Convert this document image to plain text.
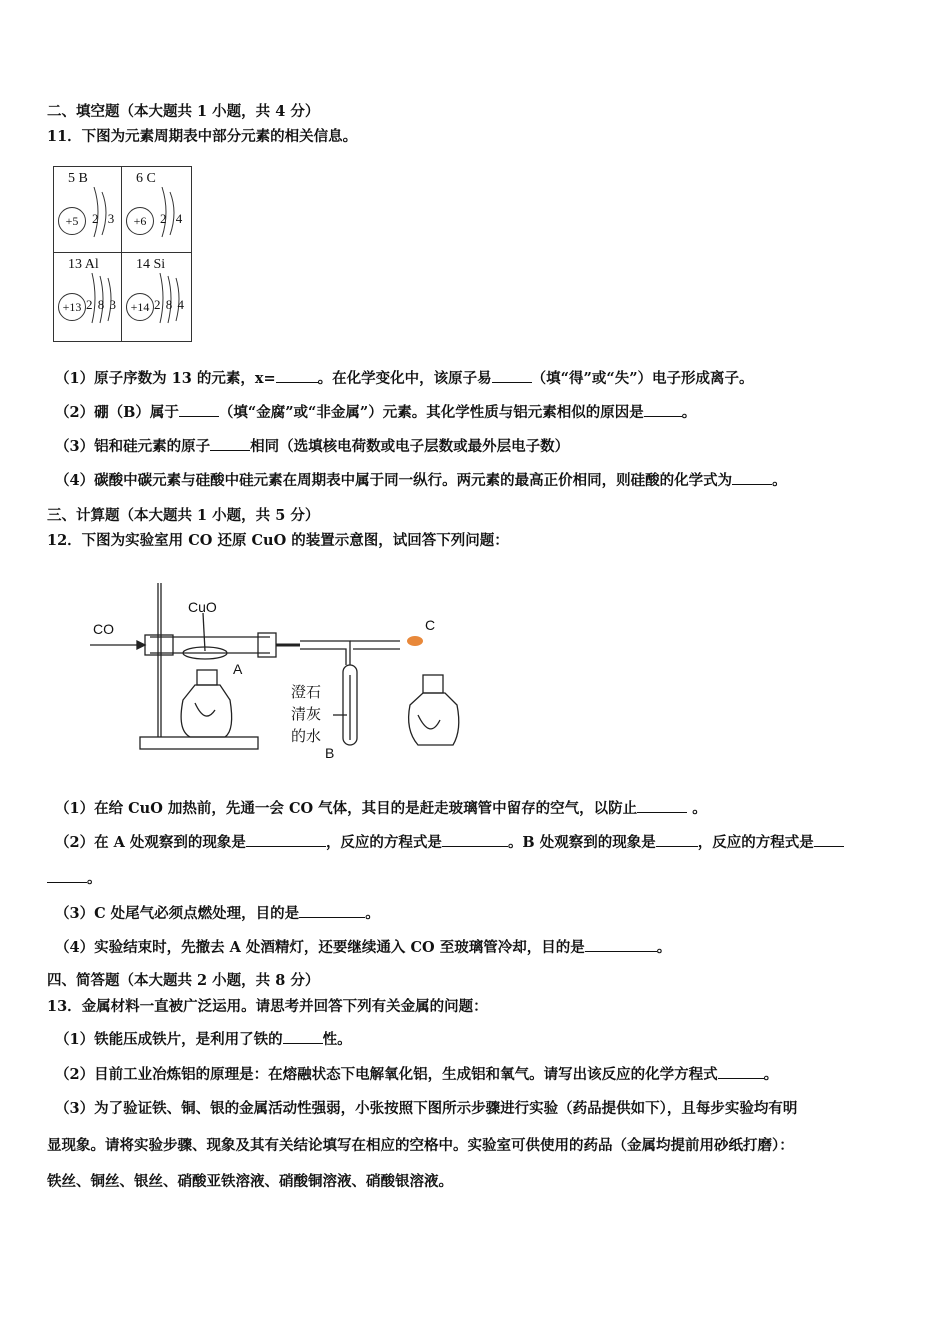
二、填空题（本大题共 1 小题，共 4 分）
11．下图为元素周期表中部分元素的相关信息。
5 B
+5	2 3
6 C
+6	2 4
13 Al
+13 2 8 3
14 Si
+14 2 8 4
（1）原子序数为 13 的元素，x=	。在化学变化中，该原子易	（填“得”或“失”）电子形成离子。
（2）硼（B）属于	（填“金腐”或“非金属”）元素。其化学性质与铝元素相似的原因是	。
（3）铝和硅元素的原子	相同（选填核电荷数或电子层数或最外层电子数）
（4）碳酸中碳元素与硅酸中硅元素在周期表中属于同一纵行。两元素的最高正价相同，则硅酸的化学式为	。
三、计算题（本大题共 1 小题，共 5 分）
12．下图为实验室用 CO 还原 CuO 的装置示意图，试回答下列问题：
CO
CuO
A
B
C
澄石
清灰
的水
（1）在给 CuO 加热前，先通一会 CO 气体，其目的是赶走玻璃管中留存的空气，以防止	。
（2）在 A 处观察到的现象是	，反应的方程式是	。B 处观察到的现象是	，反应的方程式是
。
（3）C 处尾气必须点燃处理，目的是	。
（4）实验结束时，先撤去 A 处酒精灯，还要继续通入 CO 至玻璃管冷却，目的是	。
四、简答题（本大题共 2 小题，共 8 分）
13．金属材料一直被广泛运用。请思考并回答下列有关金属的问题：
（1）铁能压成铁片，是利用了铁的	性。
（2）目前工业冶炼铝的原理是：在熔融状态下电解氧化铝，生成铝和氧气。请写出该反应的化学方程式	。
（3）为了验证铁、铜、银的金属活动性强弱，小张按照下图所示步骤进行实验（药品提供如下），且每步实验均有明
显现象。请将实验步骤、现象及其有关结论填写在相应的空格中。实验室可供使用的药品（金属均提前用砂纸打磨）：
铁丝、铜丝、银丝、硝酸亚铁溶液、硝酸铜溶液、硝酸银溶液。
